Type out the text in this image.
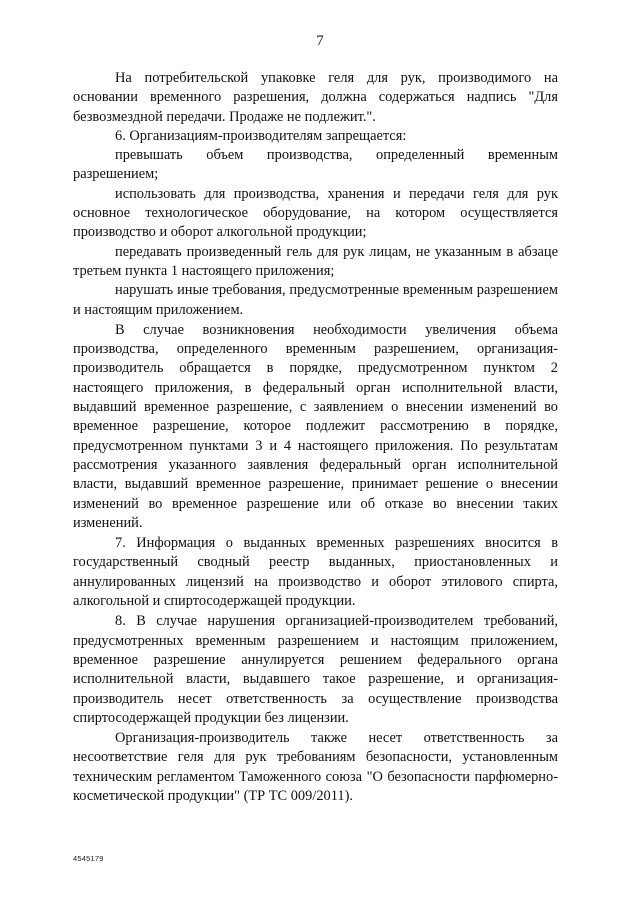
7

На потребительской упаковке геля для рук, производимого на основании временного разрешения, должна содержаться надпись "Для безвозмездной передачи. Продаже не подлежит.".

6. Организациям-производителям запрещается:

превышать объем производства, определенный временным разрешением;

использовать для производства, хранения и передачи геля для рук основное технологическое оборудование, на котором осуществляется производство и оборот алкогольной продукции;

передавать произведенный гель для рук лицам, не указанным в абзаце третьем пункта 1 настоящего приложения;

нарушать иные требования, предусмотренные временным разрешением и настоящим приложением.

В случае возникновения необходимости увеличения объема производства, определенного временным разрешением, организация-производитель обращается в порядке, предусмотренном пунктом 2 настоящего приложения, в федеральный орган исполнительной власти, выдавший временное разрешение, с заявлением о внесении изменений во временное разрешение, которое подлежит рассмотрению в порядке, предусмотренном пунктами 3 и 4 настоящего приложения. По результатам рассмотрения указанного заявления федеральный орган исполнительной власти, выдавший временное разрешение, принимает решение о внесении изменений во временное разрешение или об отказе во внесении таких изменений.

7. Информация о выданных временных разрешениях вносится в государственный сводный реестр выданных, приостановленных и аннулированных лицензий на производство и оборот этилового спирта, алкогольной и спиртосодержащей продукции.

8. В случае нарушения организацией-производителем требований, предусмотренных временным разрешением и настоящим приложением, временное разрешение аннулируется решением федерального органа исполнительной власти, выдавшего такое разрешение, и организация-производитель несет ответственность за осуществление производства спиртосодержащей продукции без лицензии.

Организация-производитель также несет ответственность за несоответствие геля для рук требованиям безопасности, установленным техническим регламентом Таможенного союза "О безопасности парфюмерно-косметической продукции" (ТР ТС 009/2011).

4545179
